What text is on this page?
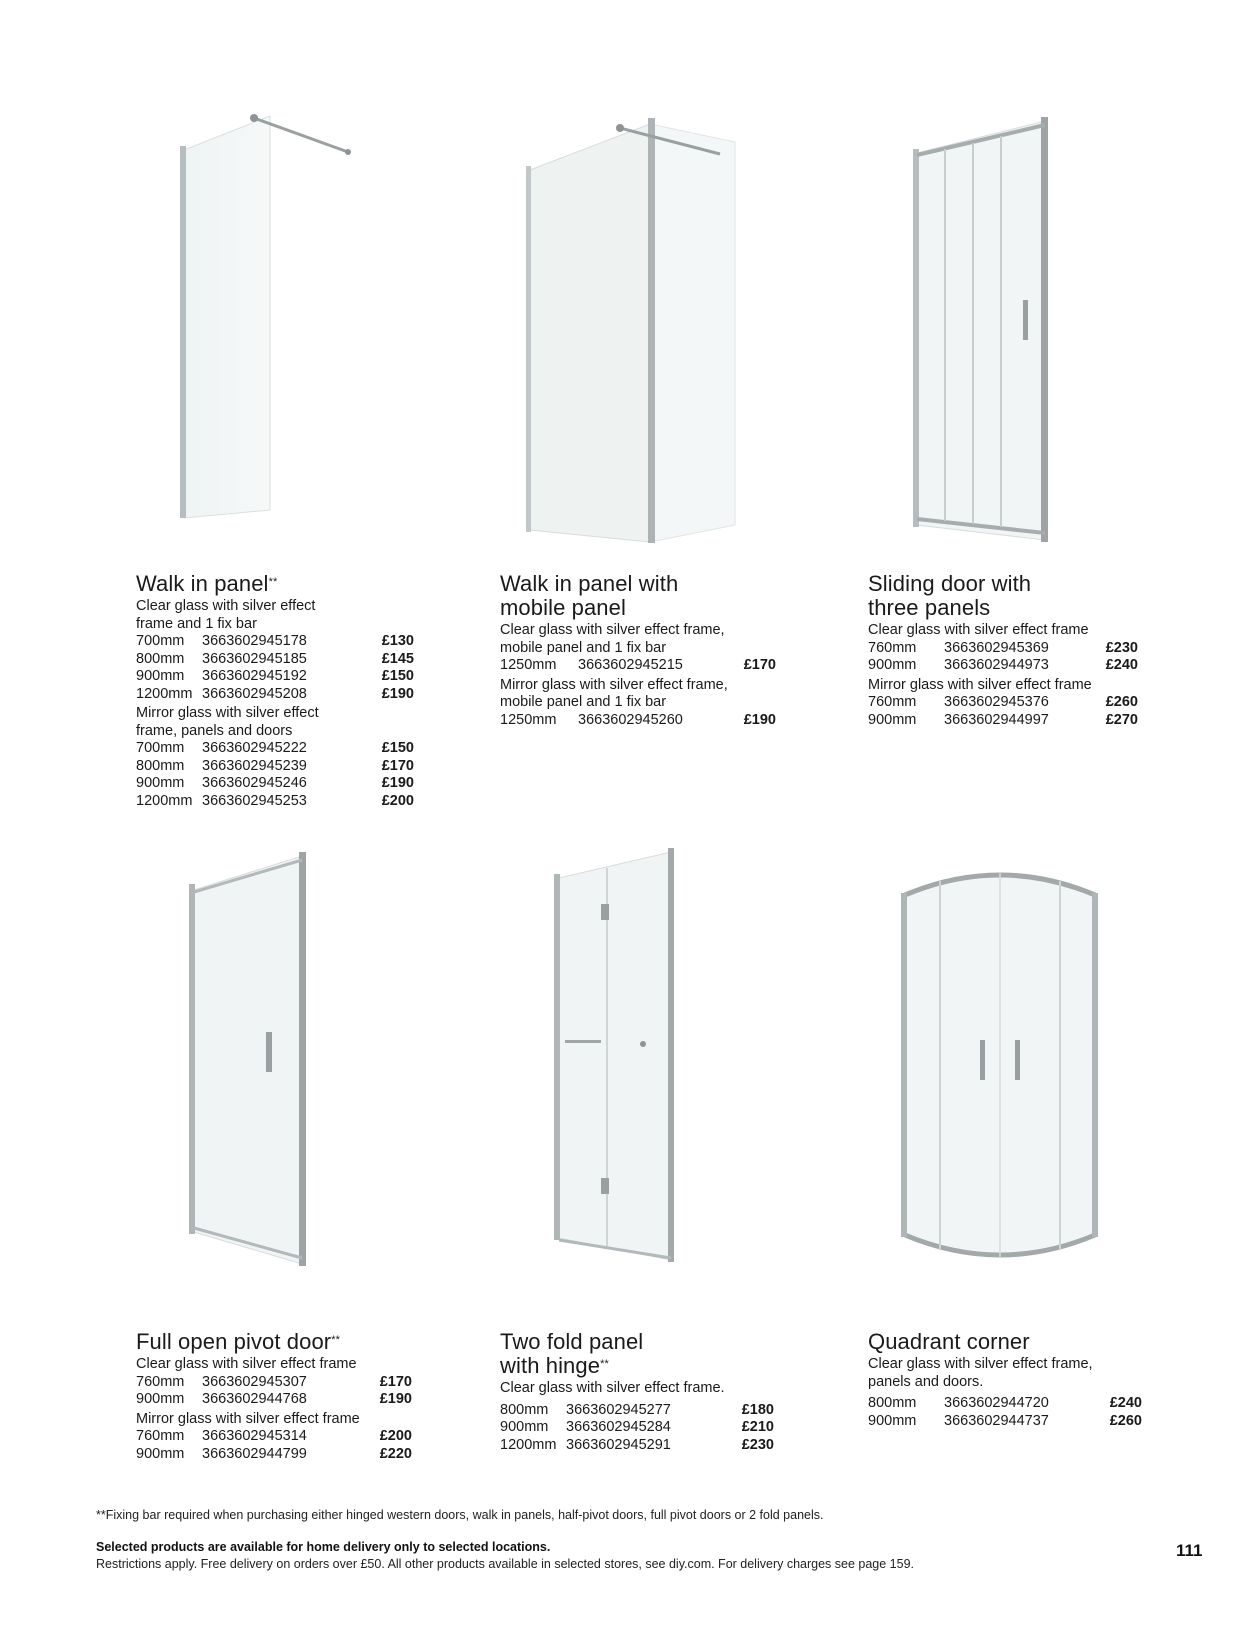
Walk in panel**
Clear glass with silver effect frame and 1 fix bar
700mm	3663602945178	£130
800mm	3663602945185	£145
900mm	3663602945192	£150
1200mm 3663602945208	£190
Mirror glass with silver effect frame, panels and doors
700mm	3663602945222	£150
800mm	3663602945239	£170
900mm	3663602945246	£190
1200mm 3663602945253	£200
Walk in panel with mobile panel
Clear glass with silver effect frame, mobile panel and 1 fix bar
1250mm	3663602945215	£170
Mirror glass with silver effect frame, mobile panel and 1 fix bar
1250mm	3663602945260	£190
Sliding door with three panels
Clear glass with silver effect frame
760mm	3663602945369	£230
900mm	3663602944973	£240
Mirror glass with silver effect frame
760mm	3663602945376	£260
900mm	3663602944997	£270
Full open pivot door**
Clear glass with silver effect frame
760mm	3663602945307	£170
900mm	3663602944768	£190
Mirror glass with silver effect frame
760mm	3663602945314	£200
900mm	3663602944799	£220
Two fold panel with hinge**
Clear glass with silver effect frame.
800mm	3663602945277	£180
900mm	3663602945284	£210
1200mm 3663602945291	£230
Quadrant corner
Clear glass with silver effect frame, panels and doors.
800mm	3663602944720	£240
900mm	3663602944737	£260
**Fixing bar required when purchasing either hinged western doors, walk in panels, half-pivot doors, full pivot doors or 2 fold panels.
Selected products are available for home delivery only to selected locations.
Restrictions apply. Free delivery on orders over £50. All other products available in selected stores, see diy.com. For delivery charges see page 159.
111
